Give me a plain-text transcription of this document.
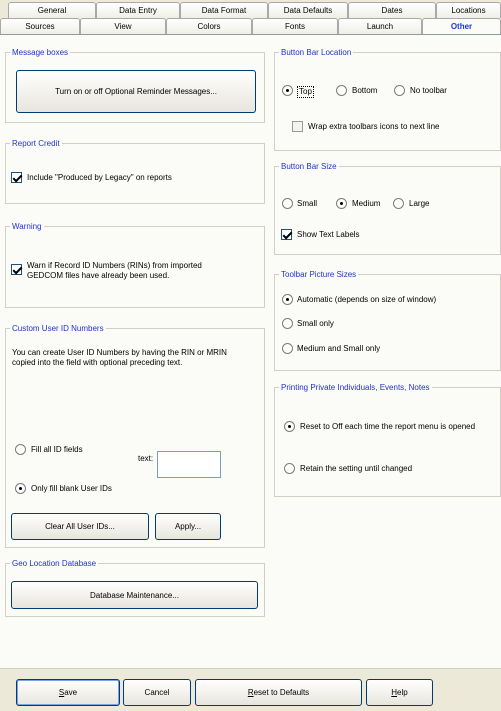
General	Data Entry	Data Format	Data Defaults	Dates	Locations
Sources	View	Colors	Fonts	Launch	Other
Message boxes
Turn on or off Optional Reminder Messages...
Report Credit
Include "Produced by Legacy" on reports
Warning
Warn if Record ID Numbers (RINs) from imported GEDCOM files have already been used.
Custom User ID Numbers
You can create User ID Numbers by having the RIN or MRIN copied into the field with optional preceding text.
Fill all ID fields
text:
Only fill blank User IDs
Clear All User IDs...	Apply...
Geo Location Database
Database Maintenance...
Button Bar Location
Top	Bottom	No toolbar
Wrap extra toolbars icons to next line
Button Bar Size
Small	Medium	Large
Show Text Labels
Toolbar Picture Sizes
Automatic (depends on size of window)
Small only
Medium and Small only
Printing Private Individuals, Events, Notes
Reset to Off each time the report menu is opened
Retain the setting until changed
Save	Cancel	Reset to Defaults	Help
